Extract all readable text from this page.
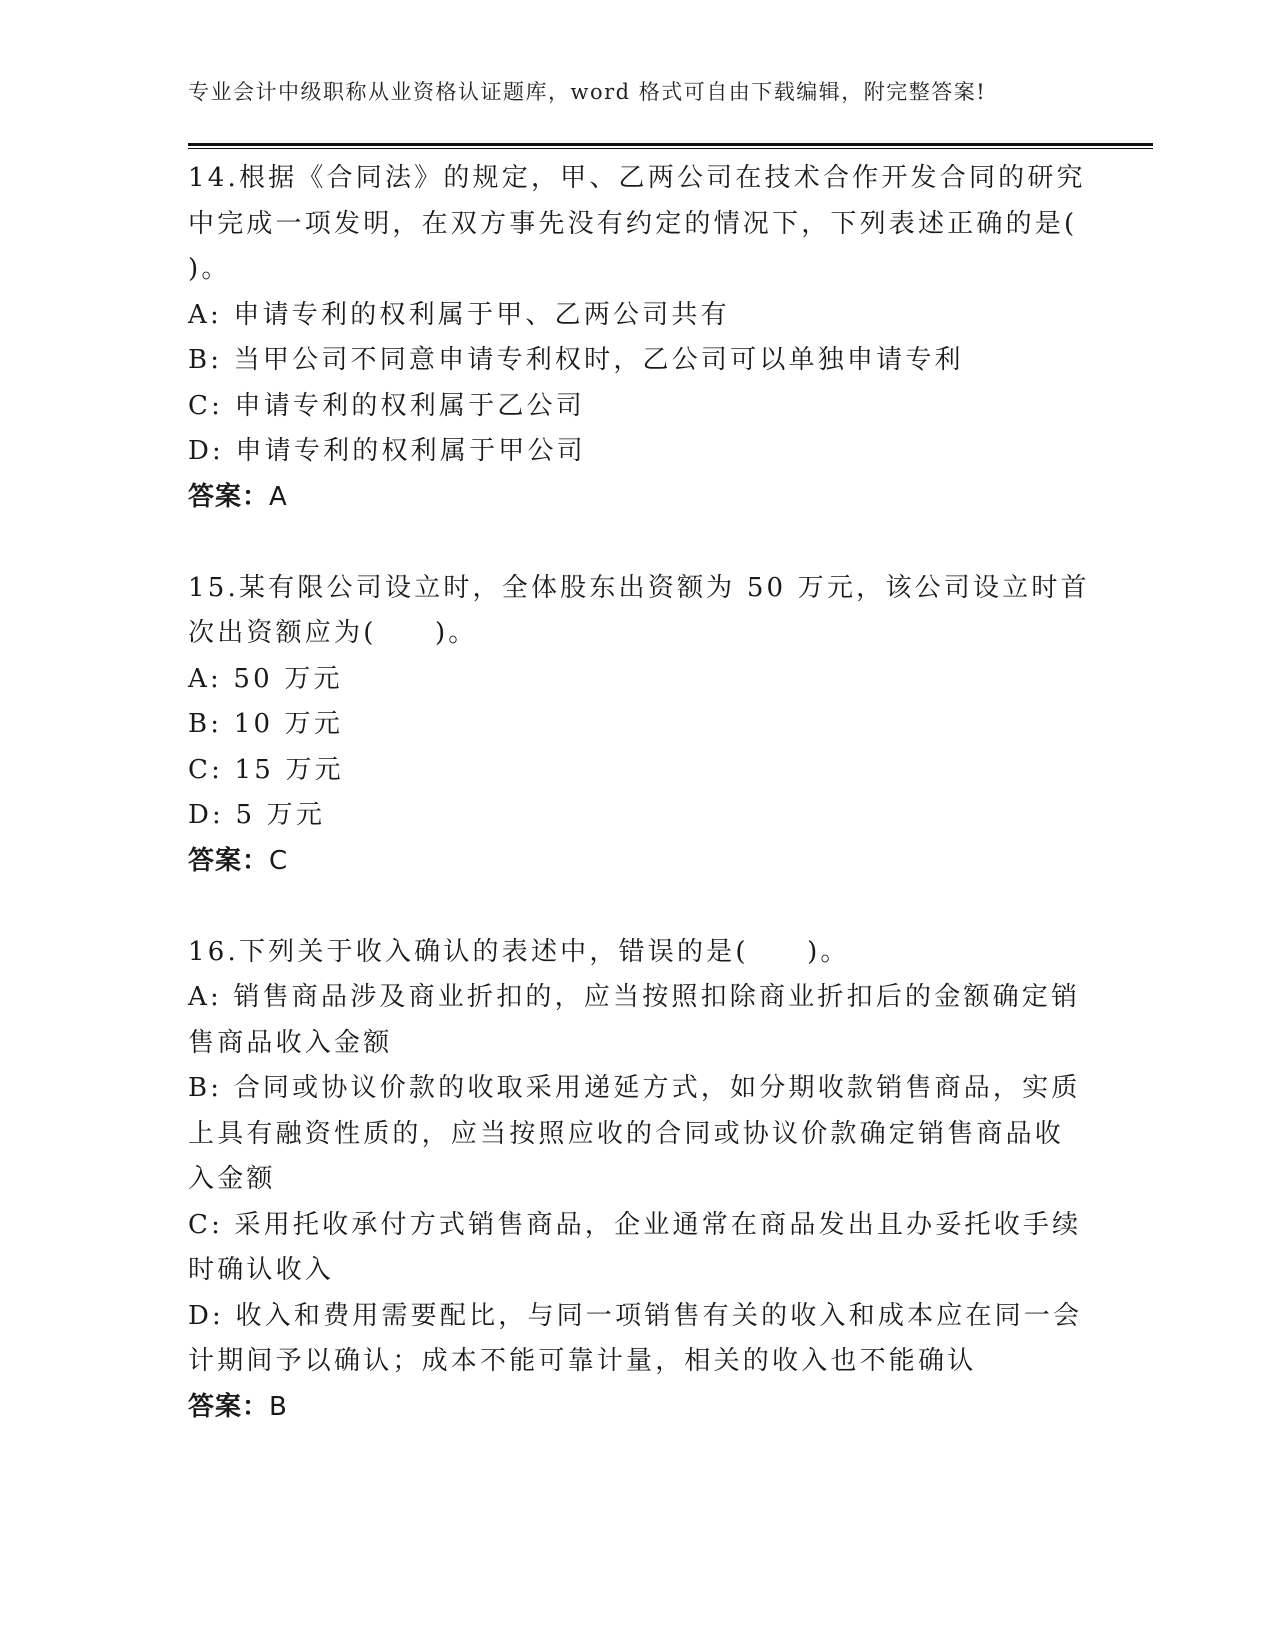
专业会计中级职称从业资格认证题库，word 格式可自由下载编辑，附完整答案!
14.根据《合同法》的规定，甲、乙两公司在技术合作开发合同的研究
中完成一项发明，在双方事先没有约定的情况下，下列表述正确的是(
)。
A: 申请专利的权利属于甲、乙两公司共有
B: 当甲公司不同意申请专利权时，乙公司可以单独申请专利
C: 申请专利的权利属于乙公司
D: 申请专利的权利属于甲公司
答案：A
15.某有限公司设立时，全体股东出资额为 50 万元，该公司设立时首
次出资额应为(　　)。
A: 50 万元
B: 10 万元
C: 15 万元
D: 5 万元
答案：C
16.下列关于收入确认的表述中，错误的是(　　)。
A: 销售商品涉及商业折扣的，应当按照扣除商业折扣后的金额确定销
售商品收入金额
B: 合同或协议价款的收取采用递延方式，如分期收款销售商品，实质
上具有融资性质的，应当按照应收的合同或协议价款确定销售商品收
入金额
C: 采用托收承付方式销售商品，企业通常在商品发出且办妥托收手续
时确认收入
D: 收入和费用需要配比，与同一项销售有关的收入和成本应在同一会
计期间予以确认；成本不能可靠计量，相关的收入也不能确认
答案：B
